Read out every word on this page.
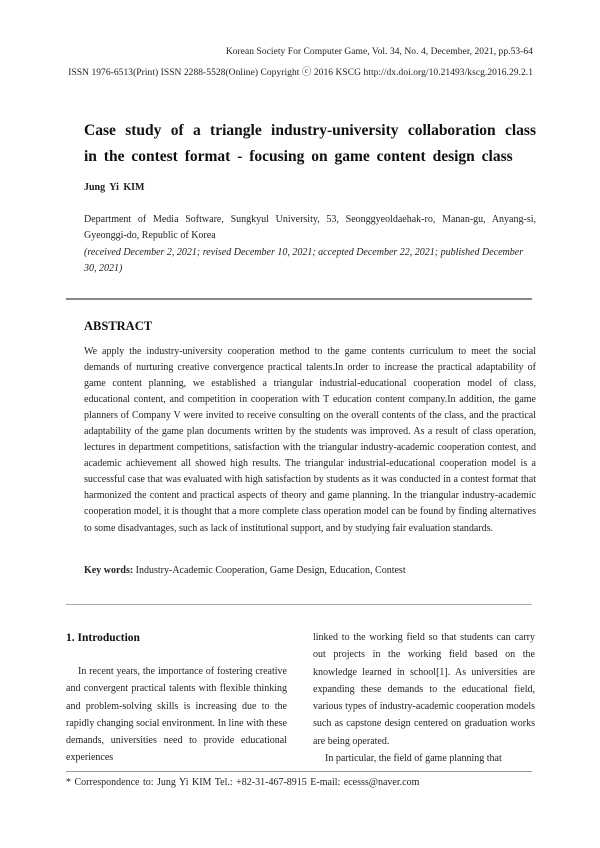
Korean Society For Computer Game, Vol. 34, No. 4, December, 2021, pp.53-64
ISSN 1976-6513(Print) ISSN 2288-5528(Online) Copyright ⓒ 2016 KSCG http://dx.doi.org/10.21493/kscg.2016.29.2.1
Case study of a triangle industry-university collaboration class in the contest format - focusing on game content design class
Jung Yi KIM
Department of Media Software, Sungkyul University, 53, Seonggyeoldaehak-ro, Manan-gu, Anyang-si, Gyeonggi-do, Republic of Korea
(received December 2, 2021; revised December 10, 2021; accepted December 22, 2021; published December 30, 2021)
ABSTRACT
We apply the industry-university cooperation method to the game contents curriculum to meet the social demands of nurturing creative convergence practical talents.In order to increase the practical adaptability of game content planning, we established a triangular industrial-educational cooperation model of class, educational content, and competition in cooperation with T education content company.In addition, the game planners of Company V were invited to receive consulting on the overall contents of the class, and the practical adaptability of the game plan documents written by the students was improved. As a result of class operation, lectures in department competitions, satisfaction with the triangular industry-academic cooperation contest, and academic achievement all showed high results. The triangular industrial-educational cooperation model is a successful case that was evaluated with high satisfaction by students as it was conducted in a contest format that harmonized the content and practical aspects of theory and game planning. In the triangular industry-academic cooperation model, it is thought that a more complete class operation model can be found by finding alternatives to some disadvantages, such as lack of institutional support, and by studying fair evaluation standards.
Key words: Industry-Academic Cooperation, Game Design, Education, Contest
1. Introduction

In recent years, the importance of fostering creative and convergent practical talents with flexible thinking and problem-solving skills is increasing due to the rapidly changing social environment. In line with these demands, universities need to provide educational experiences

linked to the working field so that students can carry out projects in the working field based on the knowledge learned in school[1]. As universities are expanding these demands to the educational field, various types of industry-academic cooperation models such as capstone design centered on graduation works are being operated.

In particular, the field of game planning that

* Correspondence to: Jung Yi KIM Tel.: +82-31-467-8915 E-mail: ecesss@naver.com
